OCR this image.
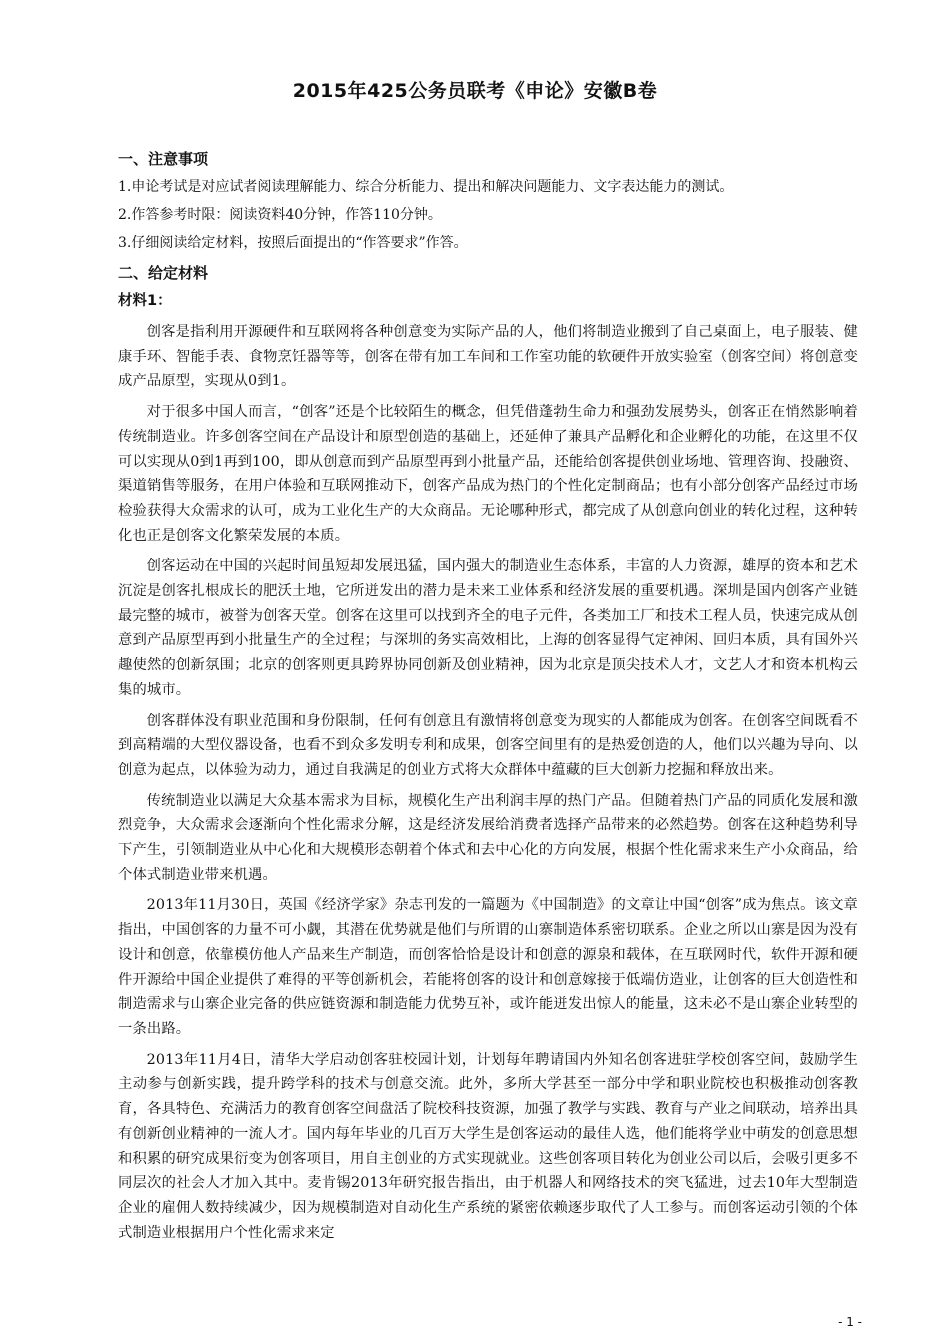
2015年425公务员联考《申论》安徽B卷
一、注意事项
1.申论考试是对应试者阅读理解能力、综合分析能力、提出和解决问题能力、文字表达能力的测试。
2.作答参考时限：阅读资料40分钟，作答110分钟。
3.仔细阅读给定材料，按照后面提出的“作答要求”作答。
二、给定材料
材料1：

创客是指利用开源硬件和互联网将各种创意变为实际产品的人，他们将制造业搬到了自己桌面上，电子服装、健康手环、智能手表、食物烹饪器等等，创客在带有加工车间和工作室功能的软硬件开放实验室（创客空间）将创意变成产品原型，实现从0到1。

对于很多中国人而言，“创客”还是个比较陌生的概念，但凭借蓬勃生命力和强劲发展势头，创客正在悄然影响着传统制造业。许多创客空间在产品设计和原型创造的基础上，还延伸了兼具产品孵化和企业孵化的功能，在这里不仅可以实现从0到1再到100，即从创意而到产品原型再到小批量产品，还能给创客提供创业场地、管理咨询、投融资、渠道销售等服务，在用户体验和互联网推动下，创客产品成为热门的个性化定制商品；也有小部分创客产品经过市场检验获得大众需求的认可，成为工业化生产的大众商品。无论哪种形式，都完成了从创意向创业的转化过程，这种转化也正是创客文化繁荣发展的本质。

创客运动在中国的兴起时间虽短却发展迅猛，国内强大的制造业生态体系，丰富的人力资源，雄厚的资本和艺术沉淀是创客扎根成长的肥沃土地，它所迸发出的潜力是未来工业体系和经济发展的重要机遇。深圳是国内创客产业链最完整的城市，被誉为创客天堂。创客在这里可以找到齐全的电子元件，各类加工厂和技术工程人员，快速完成从创意到产品原型再到小批量生产的全过程；与深圳的务实高效相比，上海的创客显得气定神闲、回归本质，具有国外兴趣使然的创新氛围；北京的创客则更具跨界协同创新及创业精神，因为北京是顶尖技术人才，文艺人才和资本机构云集的城市。

创客群体没有职业范围和身份限制，任何有创意且有激情将创意变为现实的人都能成为创客。在创客空间既看不到高精端的大型仪器设备，也看不到众多发明专利和成果，创客空间里有的是热爱创造的人，他们以兴趣为导向、以创意为起点，以体验为动力，通过自我满足的创业方式将大众群体中蕴藏的巨大创新力挖掘和释放出来。

传统制造业以满足大众基本需求为目标，规模化生产出利润丰厚的热门产品。但随着热门产品的同质化发展和激烈竞争，大众需求会逐渐向个性化需求分解，这是经济发展给消费者选择产品带来的必然趋势。创客在这种趋势利导下产生，引领制造业从中心化和大规模形态朝着个体式和去中心化的方向发展，根据个性化需求来生产小众商品，给个体式制造业带来机遇。

2013年11月30日，英国《经济学家》杂志刊发的一篇题为《中国制造》的文章让中国“创客”成为焦点。该文章指出，中国创客的力量不可小觑，其潜在优势就是他们与所谓的山寨制造体系密切联系。企业之所以山寨是因为没有设计和创意，依靠模仿他人产品来生产制造，而创客恰恰是设计和创意的源泉和载体，在互联网时代，软件开源和硬件开源给中国企业提供了难得的平等创新机会，若能将创客的设计和创意嫁接于低端仿造业，让创客的巨大创造性和制造需求与山寨企业完备的供应链资源和制造能力优势互补，或许能迸发出惊人的能量，这未必不是山寨企业转型的一条出路。

2013年11月4日，清华大学启动创客驻校园计划，计划每年聘请国内外知名创客进驻学校创客空间，鼓励学生主动参与创新实践，提升跨学科的技术与创意交流。此外，多所大学甚至一部分中学和职业院校也积极推动创客教育，各具特色、充满活力的教育创客空间盘活了院校科技资源，加强了教学与实践、教育与产业之间联动，培养出具有创新创业精神的一流人才。国内每年毕业的几百万大学生是创客运动的最佳人选，他们能将学业中萌发的创意思想和积累的研究成果衍变为创客项目，用自主创业的方式实现就业。这些创客项目转化为创业公司以后，会吸引更多不同层次的社会人才加入其中。麦肯锡2013年研究报告指出，由于机器人和网络技术的突飞猛进，过去10年大型制造企业的雇佣人数持续减少，因为规模制造对自动化生产系统的紧密依赖逐步取代了人工参与。而创客运动引领的个体式制造业根据用户个性化需求来定

- 1 -
